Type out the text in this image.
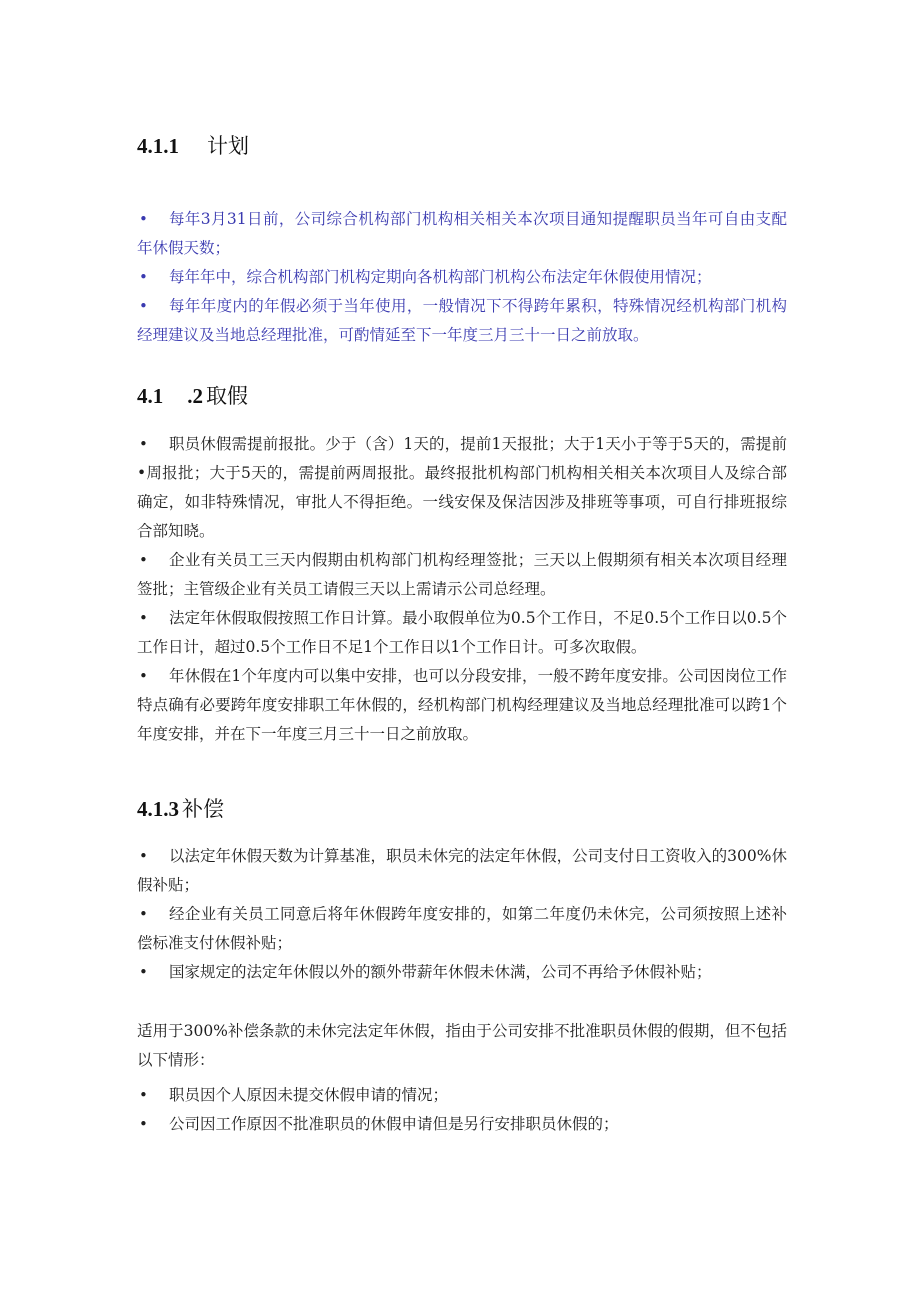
4.1.1 计划

• 每年3月31日前，公司综合机构部门机构相关相关本次项目通知提醒职员当年可自由支配年休假天数；

• 每年年中，综合机构部门机构定期向各机构部门机构公布法定年休假使用情况；

• 每年年度内的年假必须于当年使用，一般情况下不得跨年累积，特殊情况经机构部门机构经理建议及当地总经理批准，可酌情延至下一年度三月三十一日之前放取。

4.1 .2 取假

• 职员休假需提前报批。少于（含）1天的，提前1天报批；大于1天小于等于5天的，需提前•周报批；大于5天的，需提前两周报批。最终报批机构部门机构相关相关本次项目人及综合部确定，如非特殊情况，审批人不得拒绝。一线安保及保洁因涉及排班等事项，可自行排班报综合部知晓。

• 企业有关员工三天内假期由机构部门机构经理签批；三天以上假期须有相关本次项目经理签批；主管级企业有关员工请假三天以上需请示公司总经理。

• 法定年休假取假按照工作日计算。最小取假单位为0.5个工作日，不足0.5个工作日以0.5个工作日计，超过0.5个工作日不足1个工作日以1个工作日计。可多次取假。

• 年休假在1个年度内可以集中安排，也可以分段安排，一般不跨年度安排。公司因岗位工作特点确有必要跨年度安排职工年休假的，经机构部门机构经理建议及当地总经理批准可以跨1个年度安排，并在下一年度三月三十一日之前放取。

4.1.3 补偿

• 以法定年休假天数为计算基准，职员未休完的法定年休假，公司支付日工资收入的300%休假补贴；

• 经企业有关员工同意后将年休假跨年度安排的，如第二年度仍未休完，公司须按照上述补偿标准支付休假补贴；

• 国家规定的法定年休假以外的额外带薪年休假未休满，公司不再给予休假补贴；

适用于300%补偿条款的未休完法定年休假，指由于公司安排不批准职员休假的假期，但不包括以下情形：

• 职员因个人原因未提交休假申请的情况；

• 公司因工作原因不批准职员的休假申请但是另行安排职员休假的；
